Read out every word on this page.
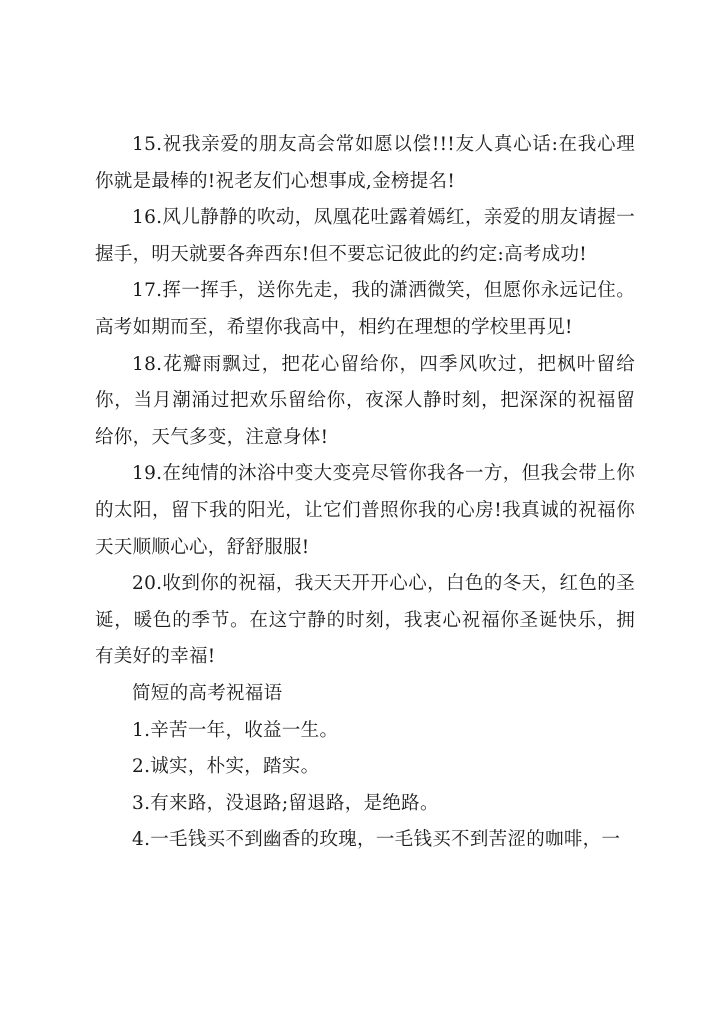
15.祝我亲爱的朋友高会常如愿以偿!!!友人真心话:在我心理你就是最棒的!祝老友们心想事成,金榜提名!

16.风儿静静的吹动，凤凰花吐露着嫣红，亲爱的朋友请握一握手，明天就要各奔西东!但不要忘记彼此的约定:高考成功!

17.挥一挥手，送你先走，我的潇洒微笑，但愿你永远记住。高考如期而至，希望你我高中，相约在理想的学校里再见!

18.花瓣雨飘过，把花心留给你，四季风吹过，把枫叶留给你，当月潮涌过把欢乐留给你，夜深人静时刻，把深深的祝福留给你，天气多变，注意身体!

19.在纯情的沐浴中变大变亮尽管你我各一方，但我会带上你的太阳，留下我的阳光，让它们普照你我的心房!我真诚的祝福你天天顺顺心心，舒舒服服!

20.收到你的祝福，我天天开开心心，白色的冬天，红色的圣诞，暖色的季节。在这宁静的时刻，我衷心祝福你圣诞快乐，拥有美好的幸福!

简短的高考祝福语

1.辛苦一年，收益一生。

2.诚实，朴实，踏实。

3.有来路，没退路;留退路，是绝路。

4.一毛钱买不到幽香的玫瑰，一毛钱买不到苦涩的咖啡，一
